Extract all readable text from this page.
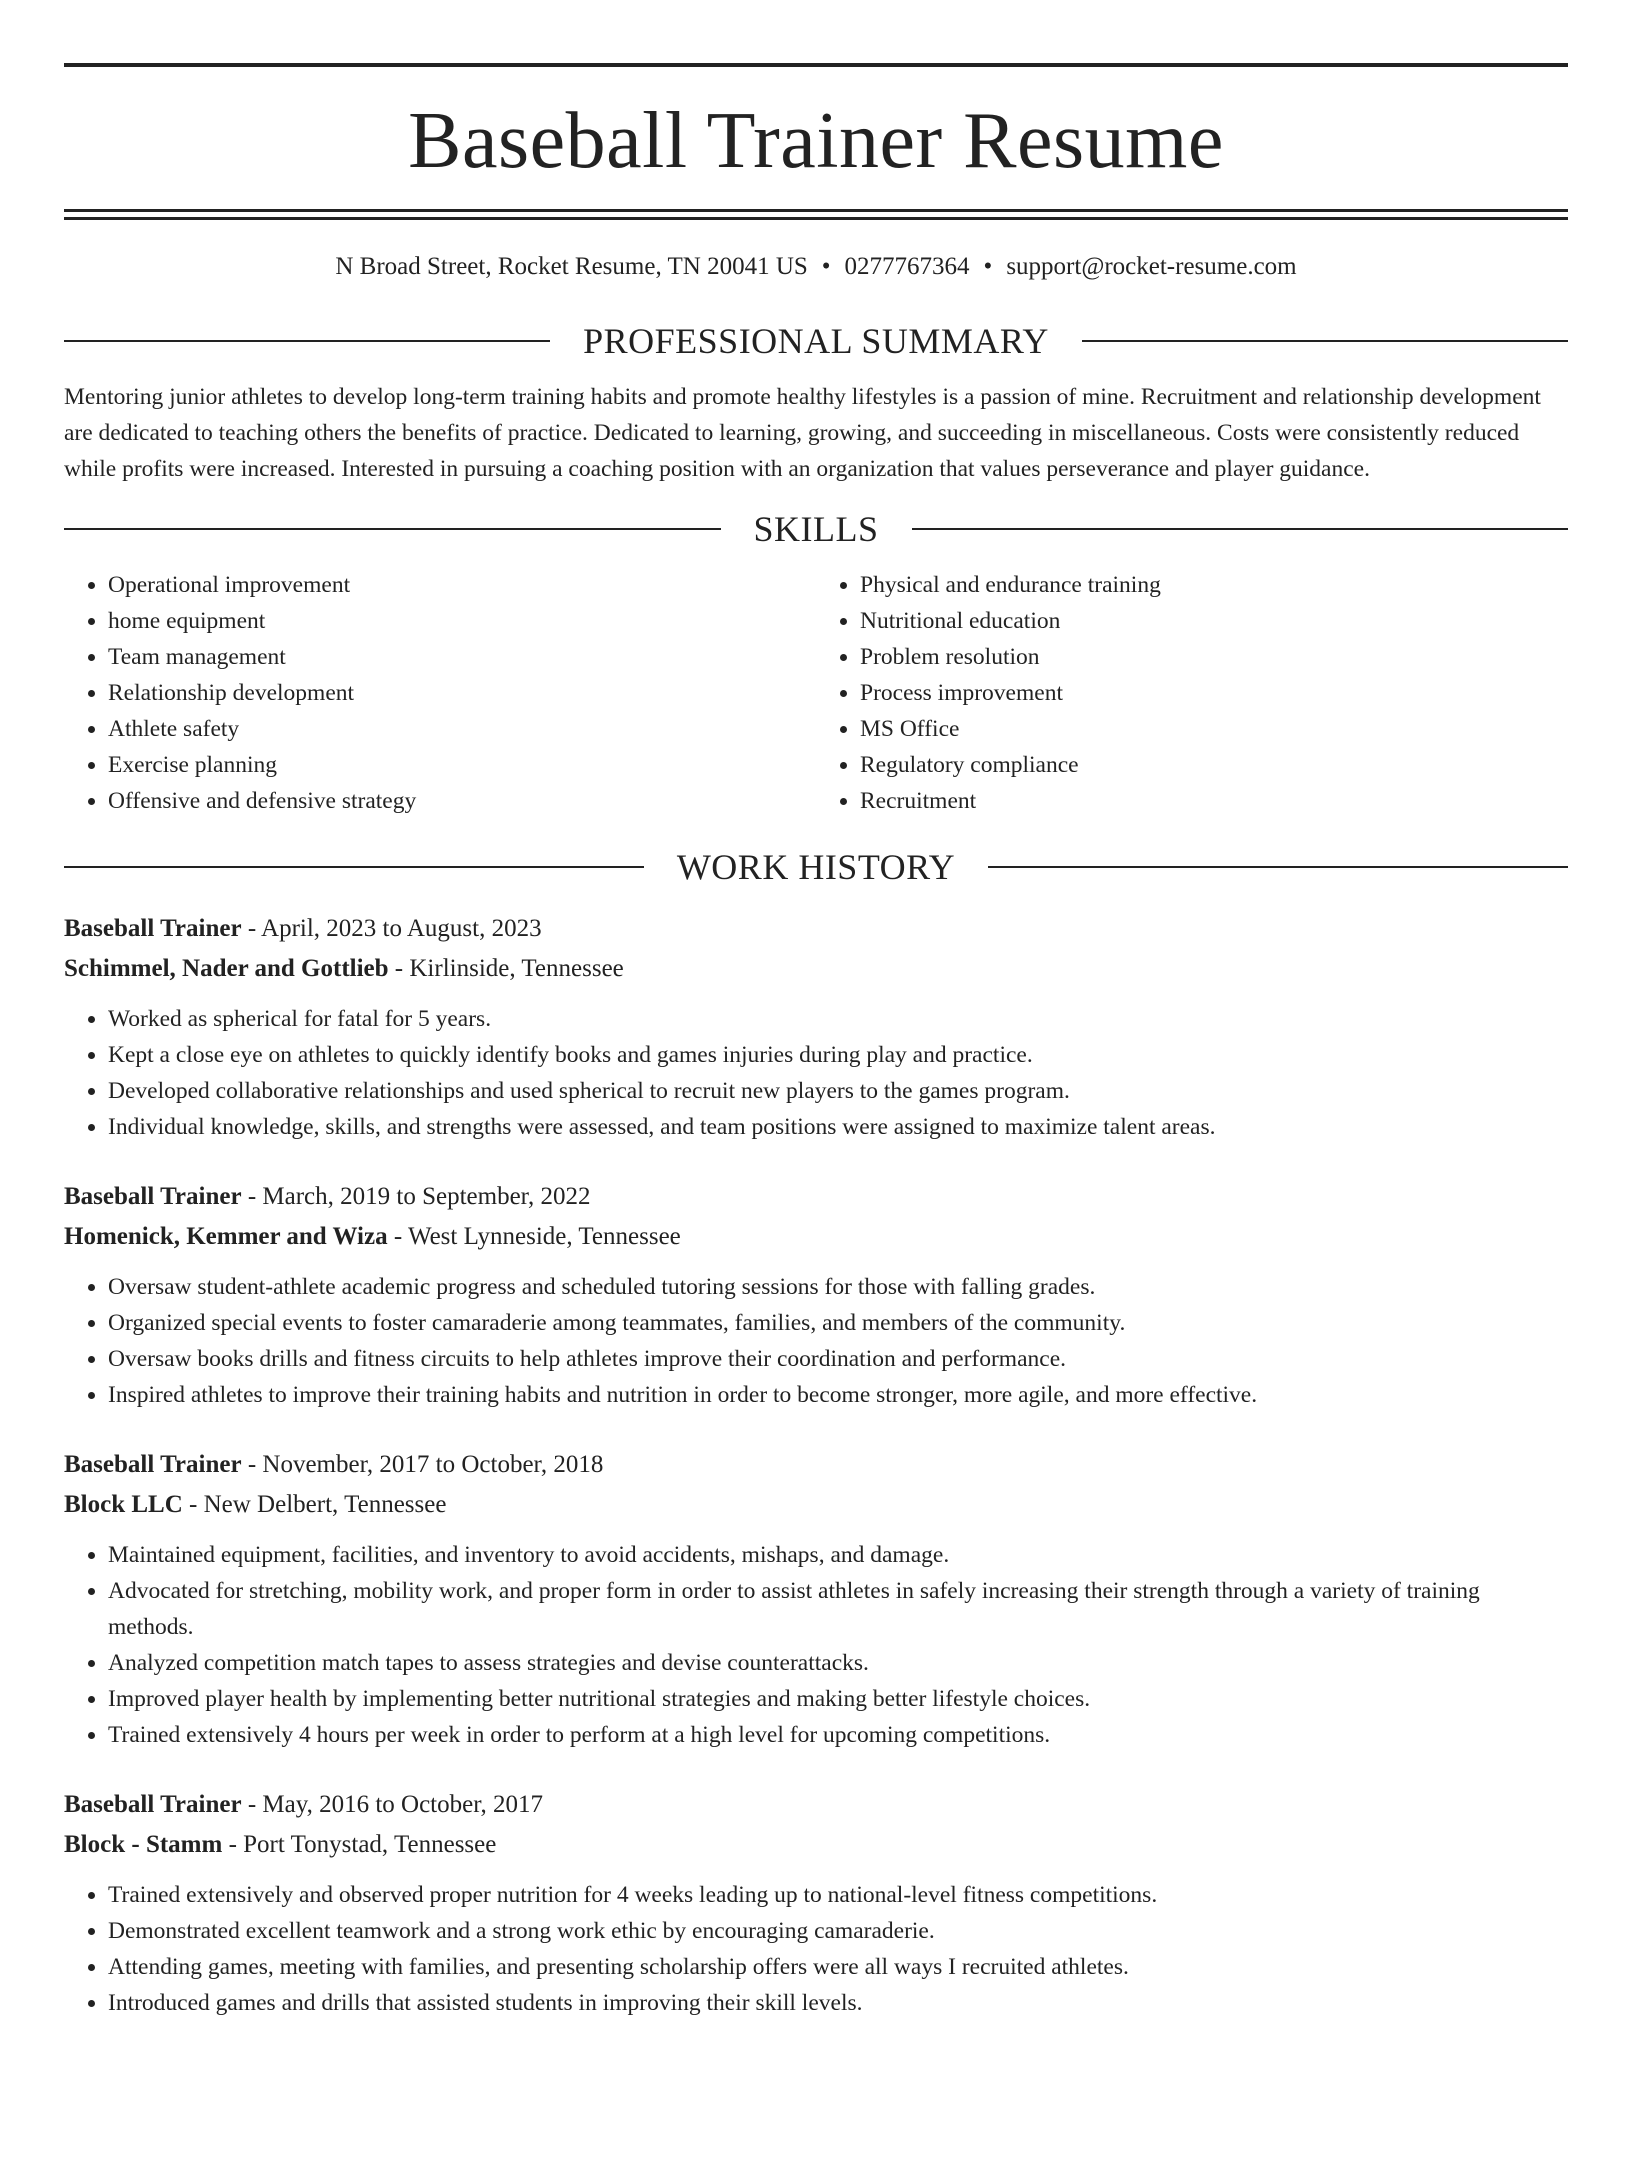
Baseball Trainer Resume
N Broad Street, Rocket Resume, TN 20041 US • 0277767364 • support@rocket-resume.com
PROFESSIONAL SUMMARY

Mentoring junior athletes to develop long-term training habits and promote healthy lifestyles is a passion of mine. Recruitment and relationship development are dedicated to teaching others the benefits of practice. Dedicated to learning, growing, and succeeding in miscellaneous. Costs were consistently reduced while profits were increased. Interested in pursuing a coaching position with an organization that values perseverance and player guidance.

SKILLS
• Operational improvement
• home equipment
• Team management
• Relationship development
• Athlete safety
• Exercise planning
• Offensive and defensive strategy
• Physical and endurance training
• Nutritional education
• Problem resolution
• Process improvement
• MS Office
• Regulatory compliance
• Recruitment
WORK HISTORY
Baseball Trainer - April, 2023 to August, 2023
Schimmel, Nader and Gottlieb - Kirlinside, Tennessee
• Worked as spherical for fatal for 5 years.
• Kept a close eye on athletes to quickly identify books and games injuries during play and practice.
• Developed collaborative relationships and used spherical to recruit new players to the games program.
• Individual knowledge, skills, and strengths were assessed, and team positions were assigned to maximize talent areas.
Baseball Trainer - March, 2019 to September, 2022
Homenick, Kemmer and Wiza - West Lynneside, Tennessee
• Oversaw student-athlete academic progress and scheduled tutoring sessions for those with falling grades.
• Organized special events to foster camaraderie among teammates, families, and members of the community.
• Oversaw books drills and fitness circuits to help athletes improve their coordination and performance.
• Inspired athletes to improve their training habits and nutrition in order to become stronger, more agile, and more effective.
Baseball Trainer - November, 2017 to October, 2018
Block LLC - New Delbert, Tennessee
• Maintained equipment, facilities, and inventory to avoid accidents, mishaps, and damage.
• Advocated for stretching, mobility work, and proper form in order to assist athletes in safely increasing their strength through a variety of training methods.
• Analyzed competition match tapes to assess strategies and devise counterattacks.
• Improved player health by implementing better nutritional strategies and making better lifestyle choices.
• Trained extensively 4 hours per week in order to perform at a high level for upcoming competitions.
Baseball Trainer - May, 2016 to October, 2017
Block - Stamm - Port Tonystad, Tennessee
• Trained extensively and observed proper nutrition for 4 weeks leading up to national-level fitness competitions.
• Demonstrated excellent teamwork and a strong work ethic by encouraging camaraderie.
• Attending games, meeting with families, and presenting scholarship offers were all ways I recruited athletes.
• Introduced games and drills that assisted students in improving their skill levels.
